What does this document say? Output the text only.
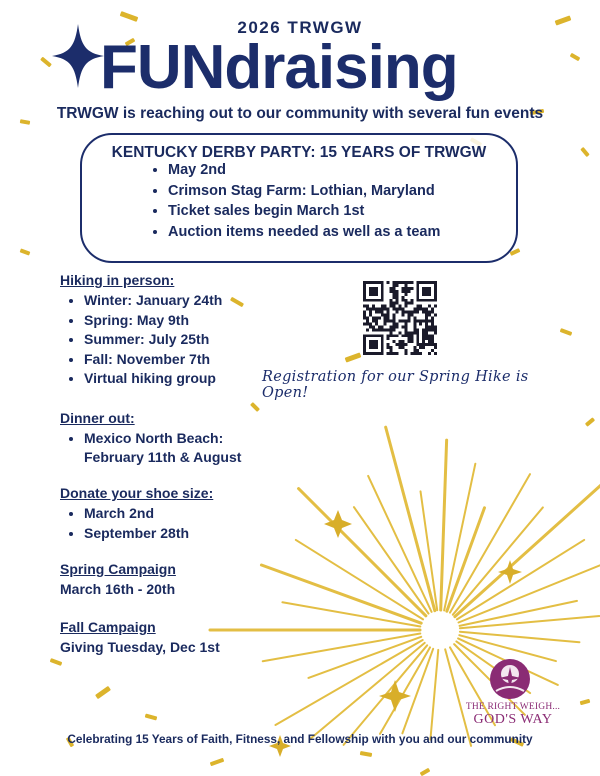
2026 TRWGW
FUNdraising
TRWGW is reaching out to our community with several fun events
KENTUCKY DERBY PARTY: 15 YEARS OF TRWGW
• May 2nd
• Crimson Stag Farm: Lothian, Maryland
• Ticket sales begin March 1st
• Auction items needed as well as a team
Hiking in person:
• Winter: January 24th
• Spring: May 9th
• Summer: July 25th
• Fall: November 7th
• Virtual hiking group	Registration for our Spring Hike is Open!
Dinner out:
• Mexico North Beach:
February 11th & August
Donate your shoe size:
• March 2nd
• September 28th
Spring Campaign
March 16th - 20th
Fall Campaign
Giving Tuesday, Dec 1st
THE RIGHT WEIGH...
GOD'S WAY
Celebrating 15 Years of Faith, Fitness, and Fellowship with you and our community
